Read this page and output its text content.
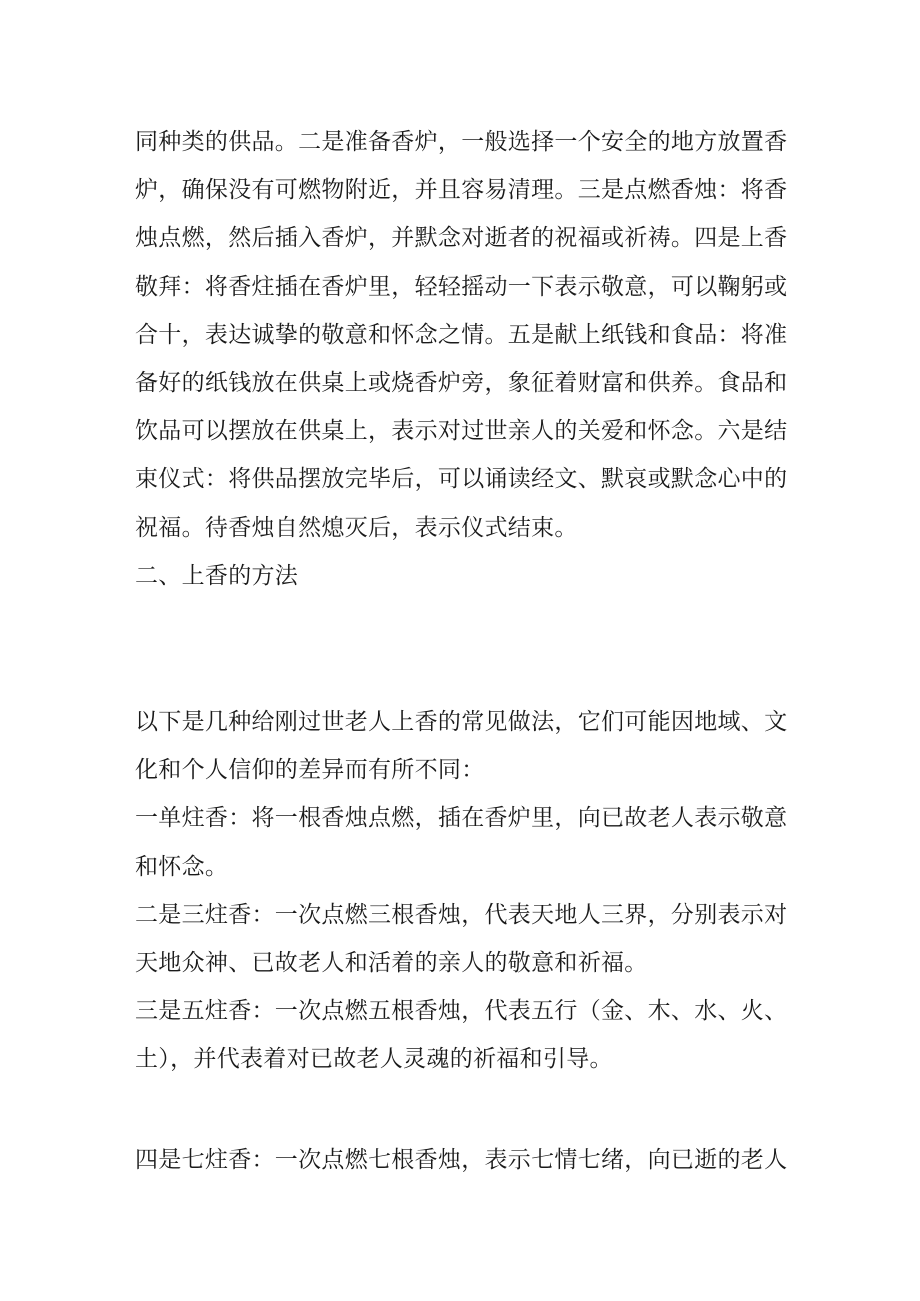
同种类的供品。二是准备香炉，一般选择一个安全的地方放置香炉，确保没有可燃物附近，并且容易清理。三是点燃香烛：将香烛点燃，然后插入香炉，并默念对逝者的祝福或祈祷。四是上香敬拜：将香炷插在香炉里，轻轻摇动一下表示敬意，可以鞠躬或合十，表达诚挚的敬意和怀念之情。五是献上纸钱和食品：将准备好的纸钱放在供桌上或烧香炉旁，象征着财富和供养。食品和饮品可以摆放在供桌上，表示对过世亲人的关爱和怀念。六是结束仪式：将供品摆放完毕后，可以诵读经文、默哀或默念心中的祝福。待香烛自然熄灭后，表示仪式结束。

二、上香的方法

以下是几种给刚过世老人上香的常见做法，它们可能因地域、文化和个人信仰的差异而有所不同：

一单炷香：将一根香烛点燃，插在香炉里，向已故老人表示敬意和怀念。

二是三炷香：一次点燃三根香烛，代表天地人三界，分别表示对天地众神、已故老人和活着的亲人的敬意和祈福。

三是五炷香：一次点燃五根香烛，代表五行（金、木、水、火、土），并代表着对已故老人灵魂的祈福和引导。

四是七炷香：一次点燃七根香烛，表示七情七绪，向已逝的老人
